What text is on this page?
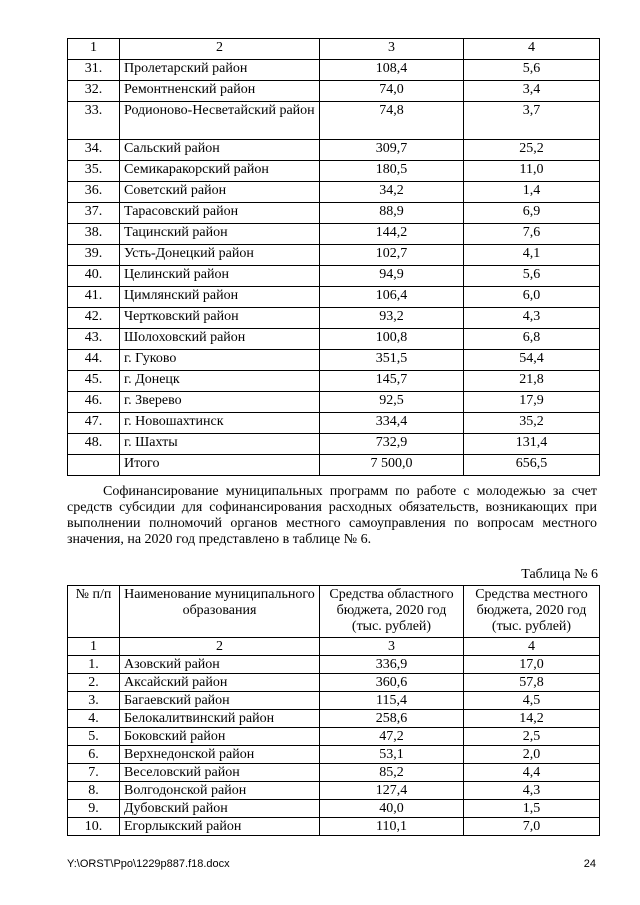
1	2	3	4
31.	Пролетарский район	108,4	5,6
32.	Ремонтненский район	74,0	3,4
33.	Родионово-Несветайский район	74,8	3,7
34.	Сальский район	309,7	25,2
35.	Семикаракорский район	180,5	11,0
36.	Советский район	34,2	1,4
37.	Тарасовский район	88,9	6,9
38.	Тацинский район	144,2	7,6
39.	Усть-Донецкий район	102,7	4,1
40.	Целинский район	94,9	5,6
41.	Цимлянский район	106,4	6,0
42.	Чертковский район	93,2	4,3
43.	Шолоховский район	100,8	6,8
44.	г. Гуково	351,5	54,4
45.	г. Донецк	145,7	21,8
46.	г. Зверево	92,5	17,9
47.	г. Новошахтинск	334,4	35,2
48.	г. Шахты	732,9	131,4
	Итого	7 500,0	656,5

Софинансирование муниципальных программ по работе с молодежью за счет средств субсидии для софинансирования расходных обязательств, возникающих при выполнении полномочий органов местного самоуправления по вопросам местного значения, на 2020 год представлено в таблице № 6.

Таблица № 6
№ п/п	Наименование муниципального образования	Средства областного бюджета, 2020 год (тыс. рублей)	Средства местного бюджета, 2020 год (тыс. рублей)
1	2	3	4
1.	Азовский район	336,9	17,0
2.	Аксайский район	360,6	57,8
3.	Багаевский район	115,4	4,5
4.	Белокалитвинский район	258,6	14,2
5.	Боковский район	47,2	2,5
6.	Верхнедонской район	53,1	2,0
7.	Веселовский район	85,2	4,4
8.	Волгодонской район	127,4	4,3
9.	Дубовский район	40,0	1,5
10.	Егорлыкский район	110,1	7,0
Y:\ORST\Ppo\1229p887.f18.docx	24
